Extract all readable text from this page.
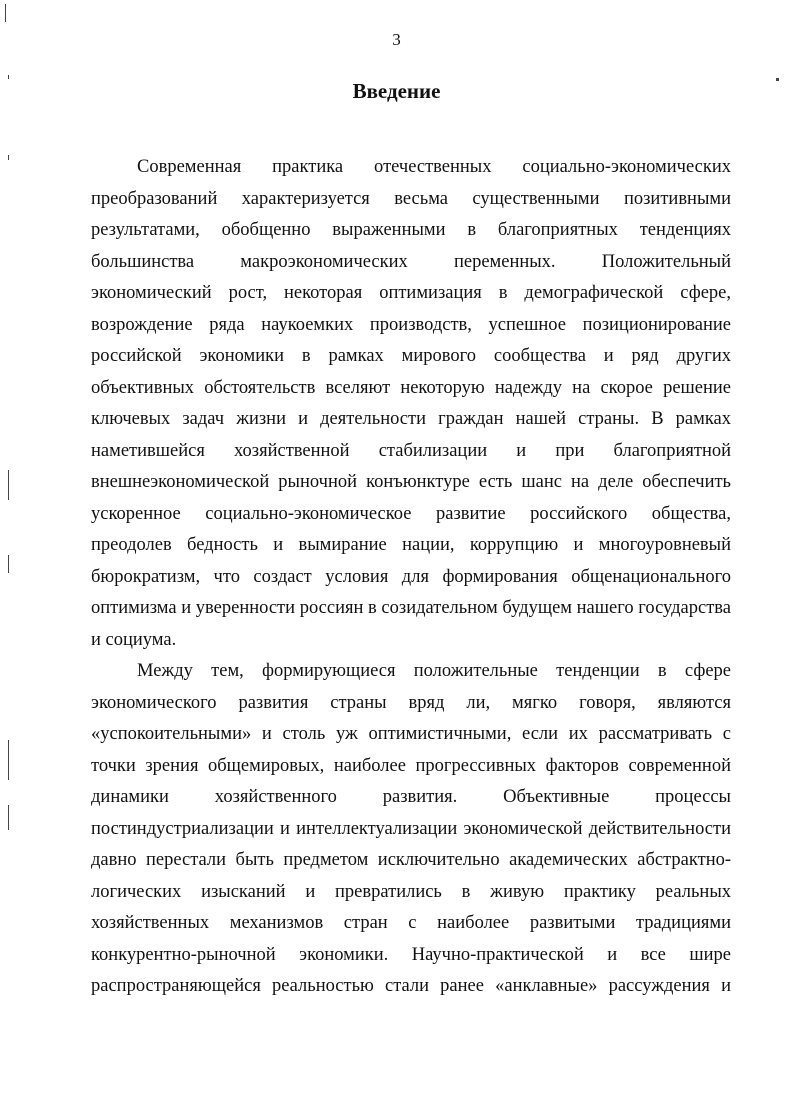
3
Введение

Современная практика отечественных социально-экономических преобразований характеризуется весьма существенными позитивными результатами, обобщенно выраженными в благоприятных тенденциях большинства макроэкономических переменных. Положительный экономический рост, некоторая оптимизация в демографической сфере, возрождение ряда наукоемких производств, успешное позиционирование российской экономики в рамках мирового сообщества и ряд других объективных обстоятельств вселяют некоторую надежду на скорое решение ключевых задач жизни и деятельности граждан нашей страны. В рамках наметившейся хозяйственной стабилизации и при благоприятной внешнеэкономической рыночной конъюнктуре есть шанс на деле обеспечить ускоренное социально-экономическое развитие российского общества, преодолев бедность и вымирание нации, коррупцию и многоуровневый бюрократизм, что создаст условия для формирования общенационального оптимизма и уверенности россиян в созидательном будущем нашего государства и социума.

Между тем, формирующиеся положительные тенденции в сфере экономического развития страны вряд ли, мягко говоря, являются «успокоительными» и столь уж оптимистичными, если их рассматривать с точки зрения общемировых, наиболее прогрессивных факторов современной динамики хозяйственного развития. Объективные процессы постиндустриализации и интеллектуализации экономической действительности давно перестали быть предметом исключительно академических абстрактно-логических изысканий и превратились в живую практику реальных хозяйственных механизмов стран с наиболее развитыми традициями конкурентно-рыночной экономики. Научно-практической и все шире распространяющейся реальностью стали ранее «анклавные» рассуждения и
